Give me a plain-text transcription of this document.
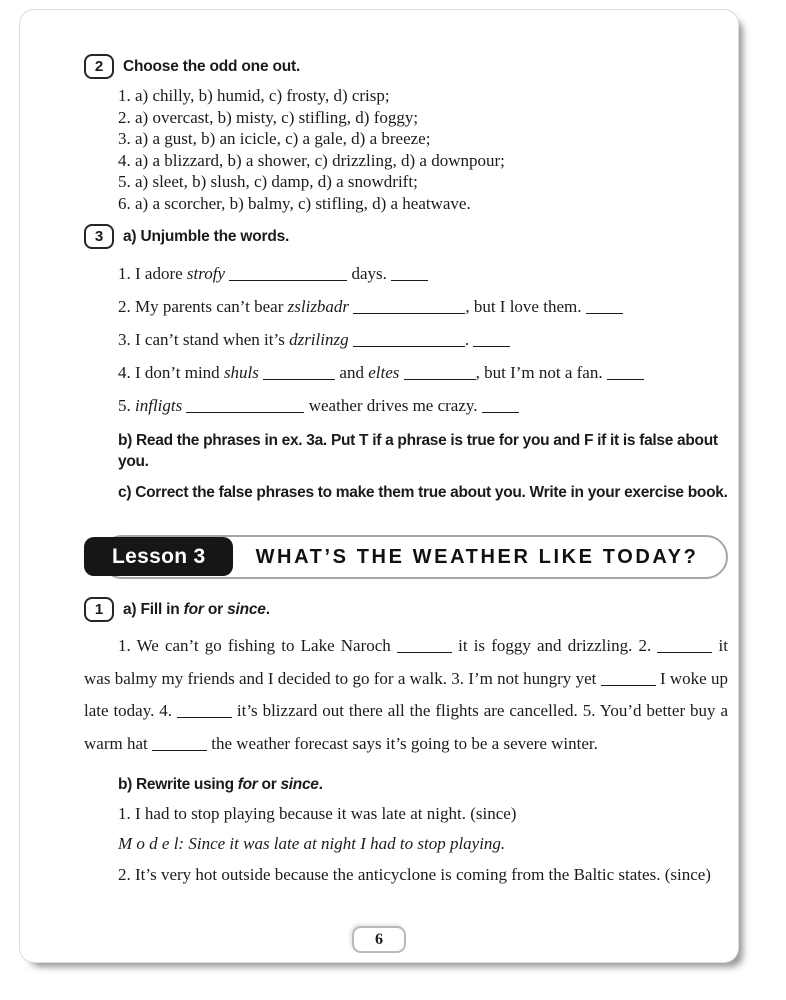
2	Choose the odd one out.
1. a) chilly, b) humid, c) frosty, d) crisp;
2. a) overcast, b) misty, c) stifling, d) foggy;
3. a) a gust, b) an icicle, c) a gale, d) a breeze;
4. a) a blizzard, b) a shower, c) drizzling, d) a downpour;
5. a) sleet, b) slush, c) damp, d) a snowdrift;
6. a) a scorcher, b) balmy, c) stifling, d) a heatwave.
3	a) Unjumble the words.
1. I adore strofy	days.
2. My parents can’t bear zslizbadr	, but I love them.
3. I can’t stand when it’s dzrilinzg	.
4. I don’t mind shuls	and eltes	, but I’m not a fan.
5. infligts	weather drives me crazy.
b) Read the phrases in ex. 3a. Put T if a phrase is true for you and F if it is false about you.
c) Correct the false phrases to make them true about you. Write in your exercise book.
Lesson 3	WHAT’S THE WEATHER LIKE TODAY?
1	a) Fill in for or since.
1. We can’t go fishing to Lake Naroch	it is foggy and drizzling. 2.	it was balmy my friends and I decided to go for a walk. 3. I’m not hungry yet	I woke up late today. 4.	it’s blizzard out there all the flights are cancelled. 5. You’d better buy a warm hat	the weather forecast says it’s going to be a severe winter.
b) Rewrite using for or since.
1. I had to stop playing because it was late at night. (since)
M o d e l: Since it was late at night I had to stop playing.
2. It’s very hot outside because the anticyclone is coming from the Baltic states. (since)
6
